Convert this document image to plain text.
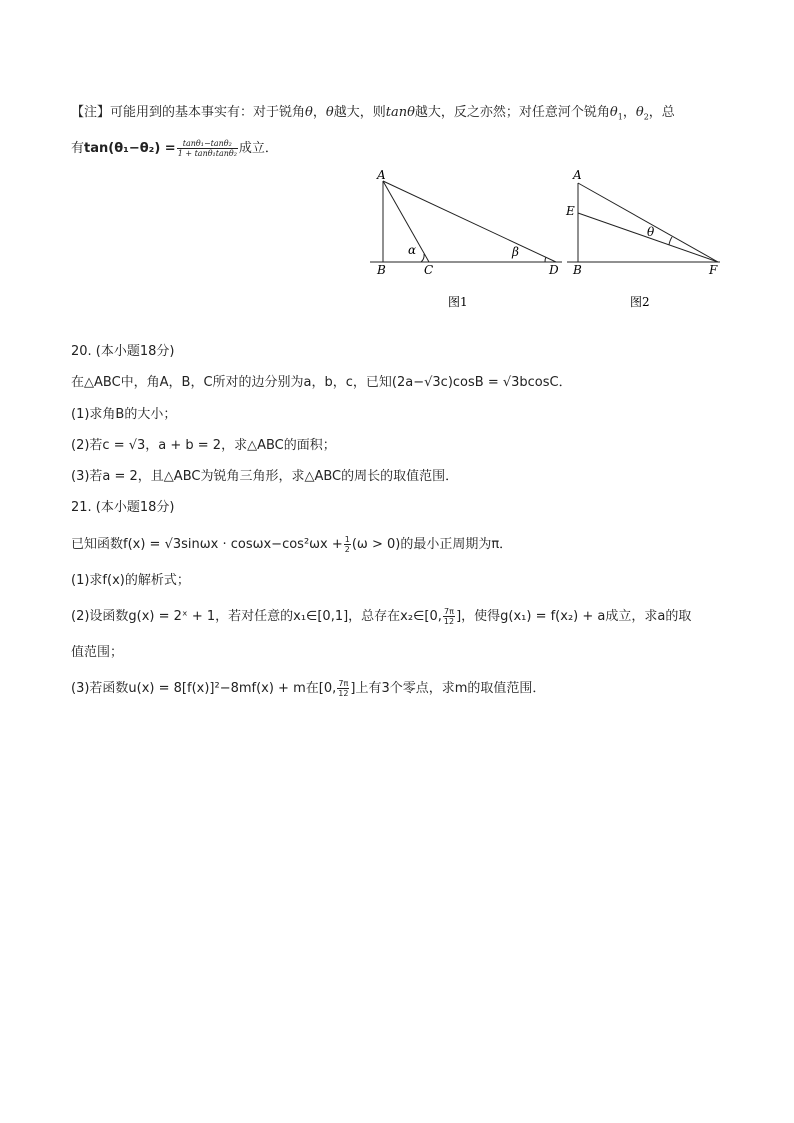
【注】可能用到的基本事实有：对于锐角θ，θ越大，则tanθ越大，反之亦然；对任意河个锐角$\theta_1$，$\theta_2$，总
有$\tan(\theta_1-\theta_2) = \frac{\text{tanθ₁−tanθ₂}}{\text{1 + tanθ₁tanθ₂}}$ 成立．
A
B	C	D
α	β
图1
A
E
B	F
θ
图2
20. (本小题18分)
在△ABC中，角A，B，C所对的边分别为a，b，c，已知(2a−√3c)cosB = √3bcosC．
(1)求角B的大小；
(2)若c = √3，a + b = 2，求△ABC的面积；
(3)若a = 2，且△ABC为锐角三角形，求△ABC的周长的取值范围．
21. (本小题18分)
已知函数$f(x) = √3\sin\omega x \cdot \cos\omega x-\cos^2\omega x + \frac{1}{2} (\omega > 0)$的最小正周期为π．
(1)求f(x)的解析式；
(2)设函数g(x) = 2ˣ + 1，若对任意的x₁∈[0,1]，总存在x₂∈[0, $\frac{7\pi}{12}$ ]，使得g(x₁) = f(x₂) + a成立，求a的取
值范围；
(3)若函数u(x) = 8[f(x)]²−8mf(x) + m在[0, $\frac{7\pi}{12}$ ]上有3个零点，求m的取值范围．
